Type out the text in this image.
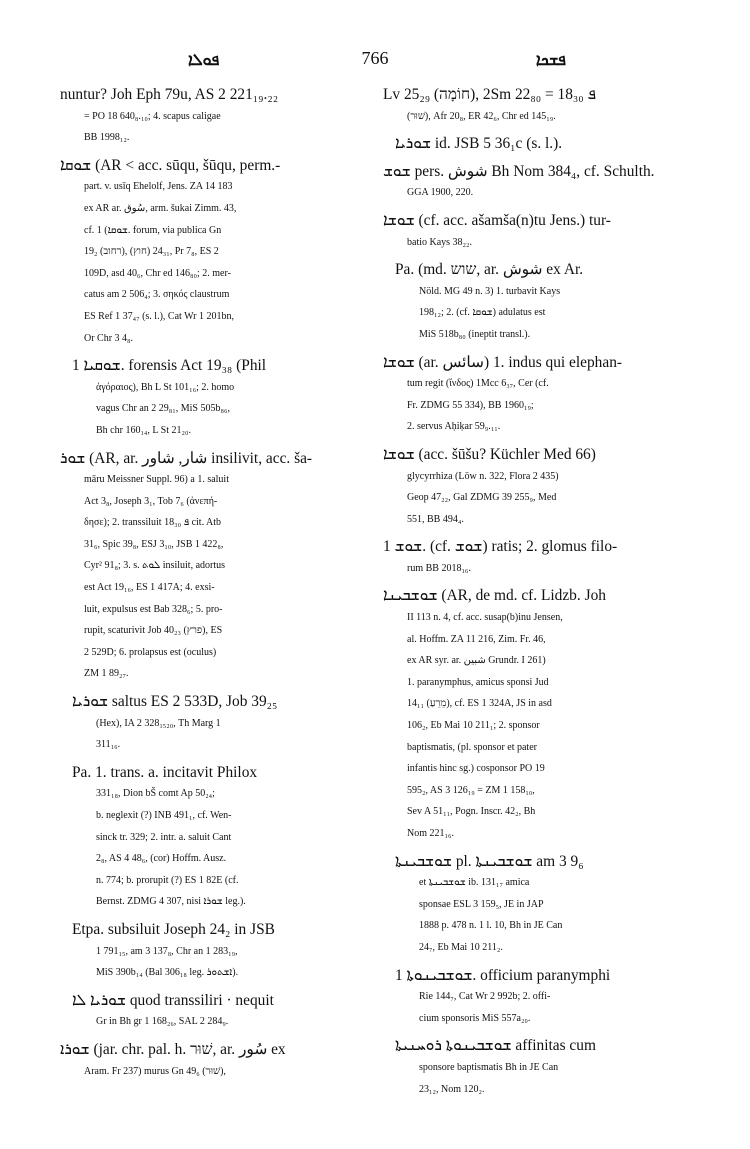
ܦܘܠܐ	766	ܦܫܟܐ
nuntur? Joh Eph 79u, AS 2 221₁₉.₂₂
= PO 18 640₈.₁₀; 4. scapus caligae
BB 1998₁₂.
ܫܘܩܐ (AR < acc. sūqu, šūqu, perm.-
part. v. usīq Ehelolf, Jens. ZA 14 183
ex AR ar. سُوق, arm. šukai Zimm. 43,
cf. ܫܘܩܐ) 1. forum, via publica Gn
19₂ (רחוב), 24₃₁ (חוץ), Pr 7₈, ES 2
109D, asd 40₆, Chr ed 146₈₀; 2. mer-
catus am 2 506₄; 3. σηκός claustrum
ES Ref 1 37₄₇ (s. l.), Cat Wr 1 201bn,
Or Chr 3 4₈.
ܫܘܩܝܐ 1. forensis Act 19₃₈ (Phil
ἀγόραιος), Bh L St 101₁₆; 2. homo
vagus Chr an 2 29₈₁, MiS 505b₈₆,
Bh chr 160₁₄, L St 21₂₀.
ܫܘܪ (AR, ar. شار, شاور insilivit, acc. ša-
māru Meissner Suppl. 96) a 1. saluit
Act 3₈, Joseph 3₁, Tob 7₆ (ἀνεπή-
δησε); 2. transsiluit ܦ 18₃₀ cit. Atb
31₆, Spic 39₈, ESJ 3₁₀, JSB 1 422₈,
Cyr² 91₈; 3. s. ܠܘܬ insiluit, adortus
est Act 19₁₆, ES 1 417A; 4. exsi-
luit, expulsus est Bab 328₆; 5. pro-
rupit, scaturivit Job 40₂₃ (פרץ), ES
2 529D; 6. prolapsus est (oculus)
ZM 1 89₂₇.
ܫܘܪܝܐ saltus ES 2 533D, Job 39₂₅
(Hex), IA 2 328₁₅₂₀, Th Marg 1
311₁₆.
Pa. 1. trans. a. incitavit Philox
331₁₈, Dion bŠ comt Ap 50₂₄;
b. neglexit (?) INB 491₁, cf. Wen-
sinck tr. 329; 2. intr. a. saluit Cant
2₈, AS 4 48₆, (cor) Hoffm. Ausz.
n. 774; b. prorupit (?) ES 1 82E (cf.
Bernst. ZDMG 4 307, nisi ܫܘܪܐ leg.).
Etpa. subsiluit Joseph 24₂ in JSB
1 791₁₅, am 3 137₈, Chr an 1 283₁₉,
MiS 390b₁₄ (Bal 306₁₈ leg. ܐܫܬܘܪ).
ܫܘܪܝܐ ܠܐ quod transsiliri · nequit
Gr in Bh gr 1 168₂₆, SAL 2 284₉.
ܫܘܪܐ (jar. chr. pal. h. שׁוּר, ar. سُور ex
Aram. Fr 237) murus Gn 49₆ (שׁוּר),
Lv 25₂₉ (חוֹמָה), 2Sm 22₈₀ = ܦ 18₃₀
(שׁוּר), Afr 20₈, ER 42₆, Chr ed 145₁₉.
ܫܘܪܝܐ id. JSB 5 36₁c (s. l.).
ܫܘܫ pers. شوش Bh Nom 384₄, cf. Schulth.
GGA 1900, 220.
ܫܘܫܐ (cf. acc. ašamša(n)tu Jens.) tur-
batio Kays 38₂₂.
Pa. (md. שוש, ar. شوش ex Ar.
Nöld. MG 49 n. 3) 1. turbavit Kays
198₁₂; 2. (cf. ܫܘܩܐ) adulatus est
MiS 518b₈₀ (ineptit transl.).
ܫܘܫܐ (ar. سائس) 1. indus qui elephan-
tum regit (ἴνδος) 1Mcc 6₃₇, Cer (cf.
Fr. ZDMG 55 334), BB 1960₁₉;
2. servus Aḥiḳar 59₉.₁₁.
ܫܘܫܐ (acc. šūšu? Küchler Med 66)
glycyrrhiza (Löw n. 322, Flora 2 435)
Geop 47₂₂, Gal ZDMG 39 255₉, Med
551, BB 494₄.
ܫܘܫ 1. (cf. ܫܘܫ) ratis; 2. glomus filo-
rum BB 2018₁₆.
ܫܘܫܒܝܢܐ (AR, de md. cf. Lidzb. Joh
II 113 n. 4, cf. acc. susap(b)inu Jensen,
al. Hoffm. ZA 11 216, Zim. Fr. 46,
ex AR syr. ar. شبين Grundr. I 261)
1. paranymphus, amicus sponsi Jud
14₁₁ (מֵרֵעַ), cf. ES 1 324A, JS in asd
106₂, Eb Mai 10 211₁; 2. sponsor
baptismatis, (pl. sponsor et pater
infantis hinc sg.) cosponsor PO 19
595₂, AS 3 126₁₉ = ZM 1 158₁₀,
Sev A 51₁₁, Pogn. Inscr. 42₂, Bh
Nom 221₁₆.
ܫܘܫܒܝܢܬܐ pl. ܫܘܫܒܝܢܬܐ am 3 9₆
et ܫܘܫܒܝܢܬܐ ib. 131₁₇ amica
sponsae ESL 3 159₅, JE in JAP
1888 p. 478 n. 1 l. 10, Bh in JE Can
24₇, Eb Mai 10 211₂.
ܫܘܫܒܝܢܘܬܐ 1. officium paranymphi
Rie 144₇, Cat Wr 2 992b; 2. offi-
cium sponsoris MiS 557a₂₀.
ܫܘܫܒܝܢܘܬܐ ܪܘܚܢܝܬܐ affinitas cum
sponsore baptismatis Bh in JE Can
23₁₂, Nom 120₂.
